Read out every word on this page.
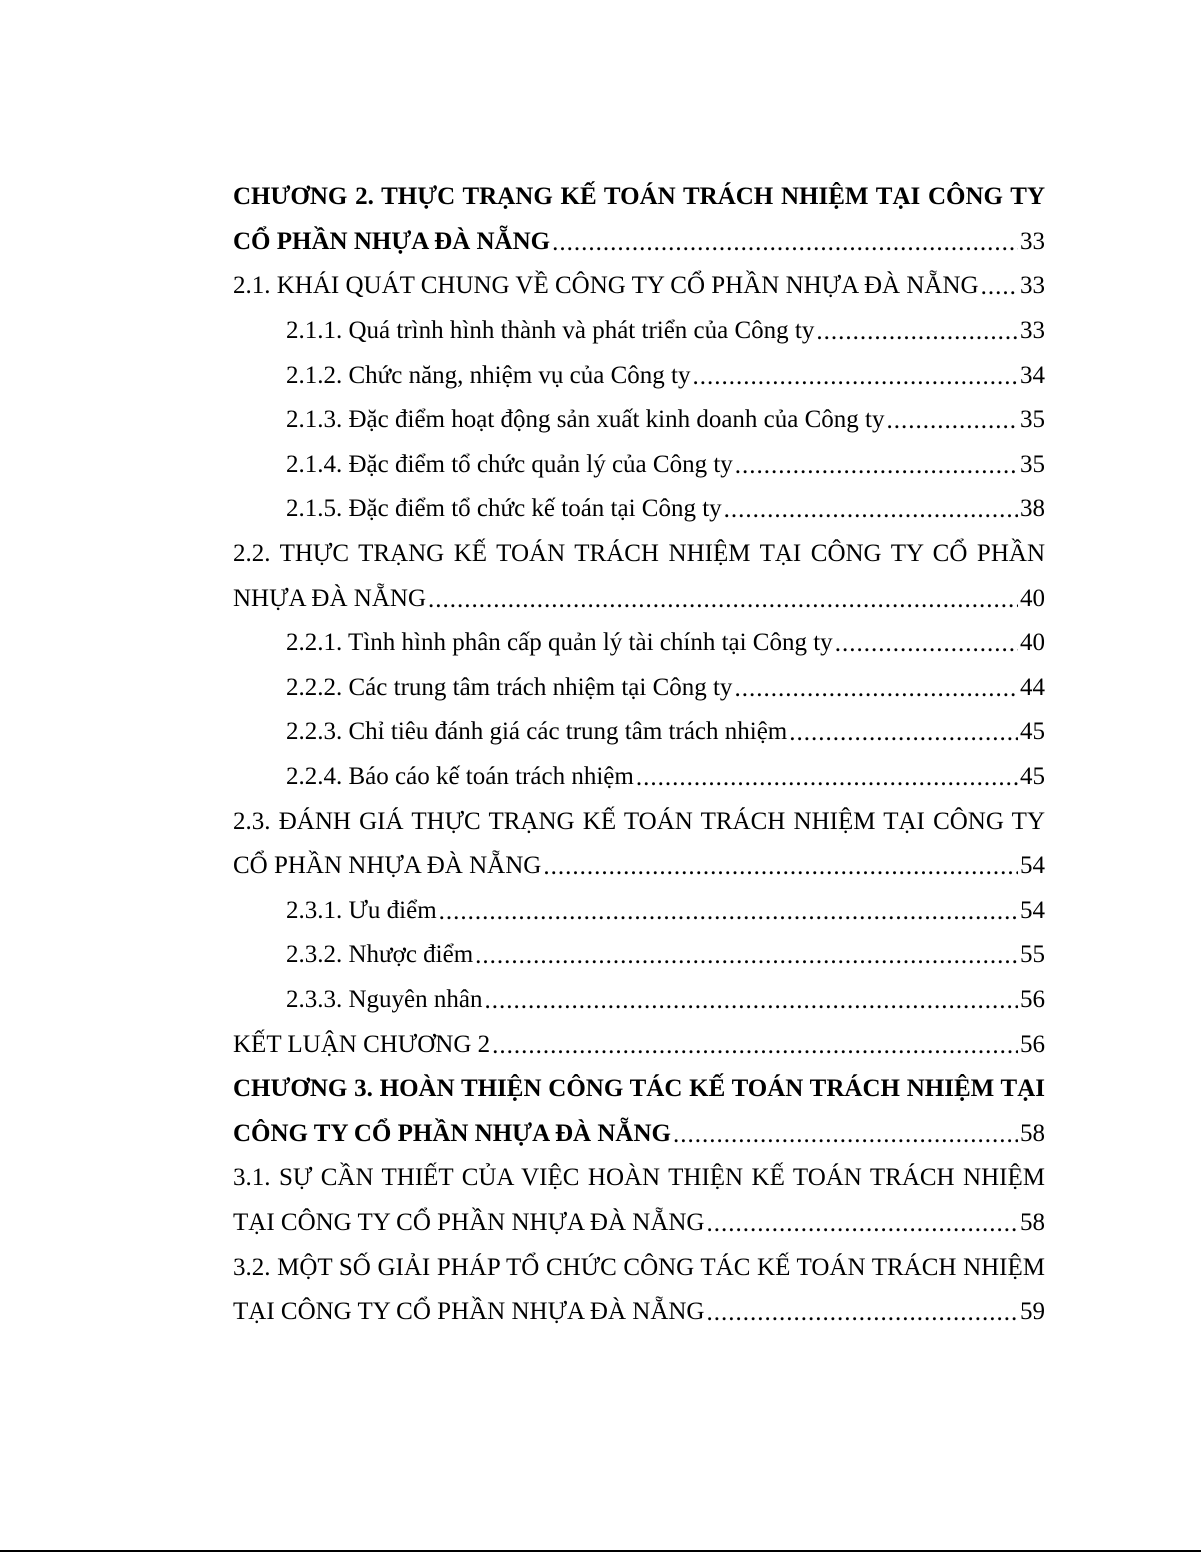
CHƯƠNG 2. THỰC TRẠNG KẾ TOÁN TRÁCH NHIỆM TẠI CÔNG TY
CỔ PHẦN NHỰA ĐÀ NẴNG .....	33
2.1. KHÁI QUÁT CHUNG VỀ CÔNG TY CỔ PHẦN NHỰA ĐÀ NẴNG ..... 33
2.1.1. Quá trình hình thành và phát triển của Công ty .....	33
2.1.2. Chức năng, nhiệm vụ của Công ty .....	34
2.1.3. Đặc điểm hoạt động sản xuất kinh doanh của Công ty .....	35
2.1.4. Đặc điểm tổ chức quản lý của Công ty .....	35
2.1.5. Đặc điểm tổ chức kế toán tại Công ty .....	38
2.2. THỰC TRẠNG KẾ TOÁN TRÁCH NHIỆM TẠI CÔNG TY CỔ PHẦN
NHỰA ĐÀ NẴNG .....	40
2.2.1. Tình hình phân cấp quản lý tài chính tại Công ty .....	40
2.2.2. Các trung tâm trách nhiệm tại Công ty .....	44
2.2.3. Chỉ tiêu đánh giá các trung tâm trách nhiệm .....	45
2.2.4. Báo cáo kế toán trách nhiệm .....	45
2.3. ĐÁNH GIÁ THỰC TRẠNG KẾ TOÁN TRÁCH NHIỆM TẠI CÔNG TY
CỔ PHẦN NHỰA ĐÀ NẴNG .....	54
2.3.1. Ưu điểm .....	54
2.3.2. Nhược điểm .....	55
2.3.3. Nguyên nhân .....	56
KẾT LUẬN CHƯƠNG 2 .....	56
CHƯƠNG 3. HOÀN THIỆN CÔNG TÁC KẾ TOÁN TRÁCH NHIỆM TẠI
CÔNG TY CỔ PHẦN NHỰA ĐÀ NẴNG .....	58
3.1. SỰ CẦN THIẾT CỦA VIỆC HOÀN THIỆN KẾ TOÁN TRÁCH NHIỆM
TẠI CÔNG TY CỔ PHẦN NHỰA ĐÀ NẴNG .....	58
3.2. MỘT SỐ GIẢI PHÁP TỔ CHỨC CÔNG TÁC KẾ TOÁN TRÁCH NHIỆM
TẠI CÔNG TY CỔ PHẦN NHỰA ĐÀ NẴNG .....	59
